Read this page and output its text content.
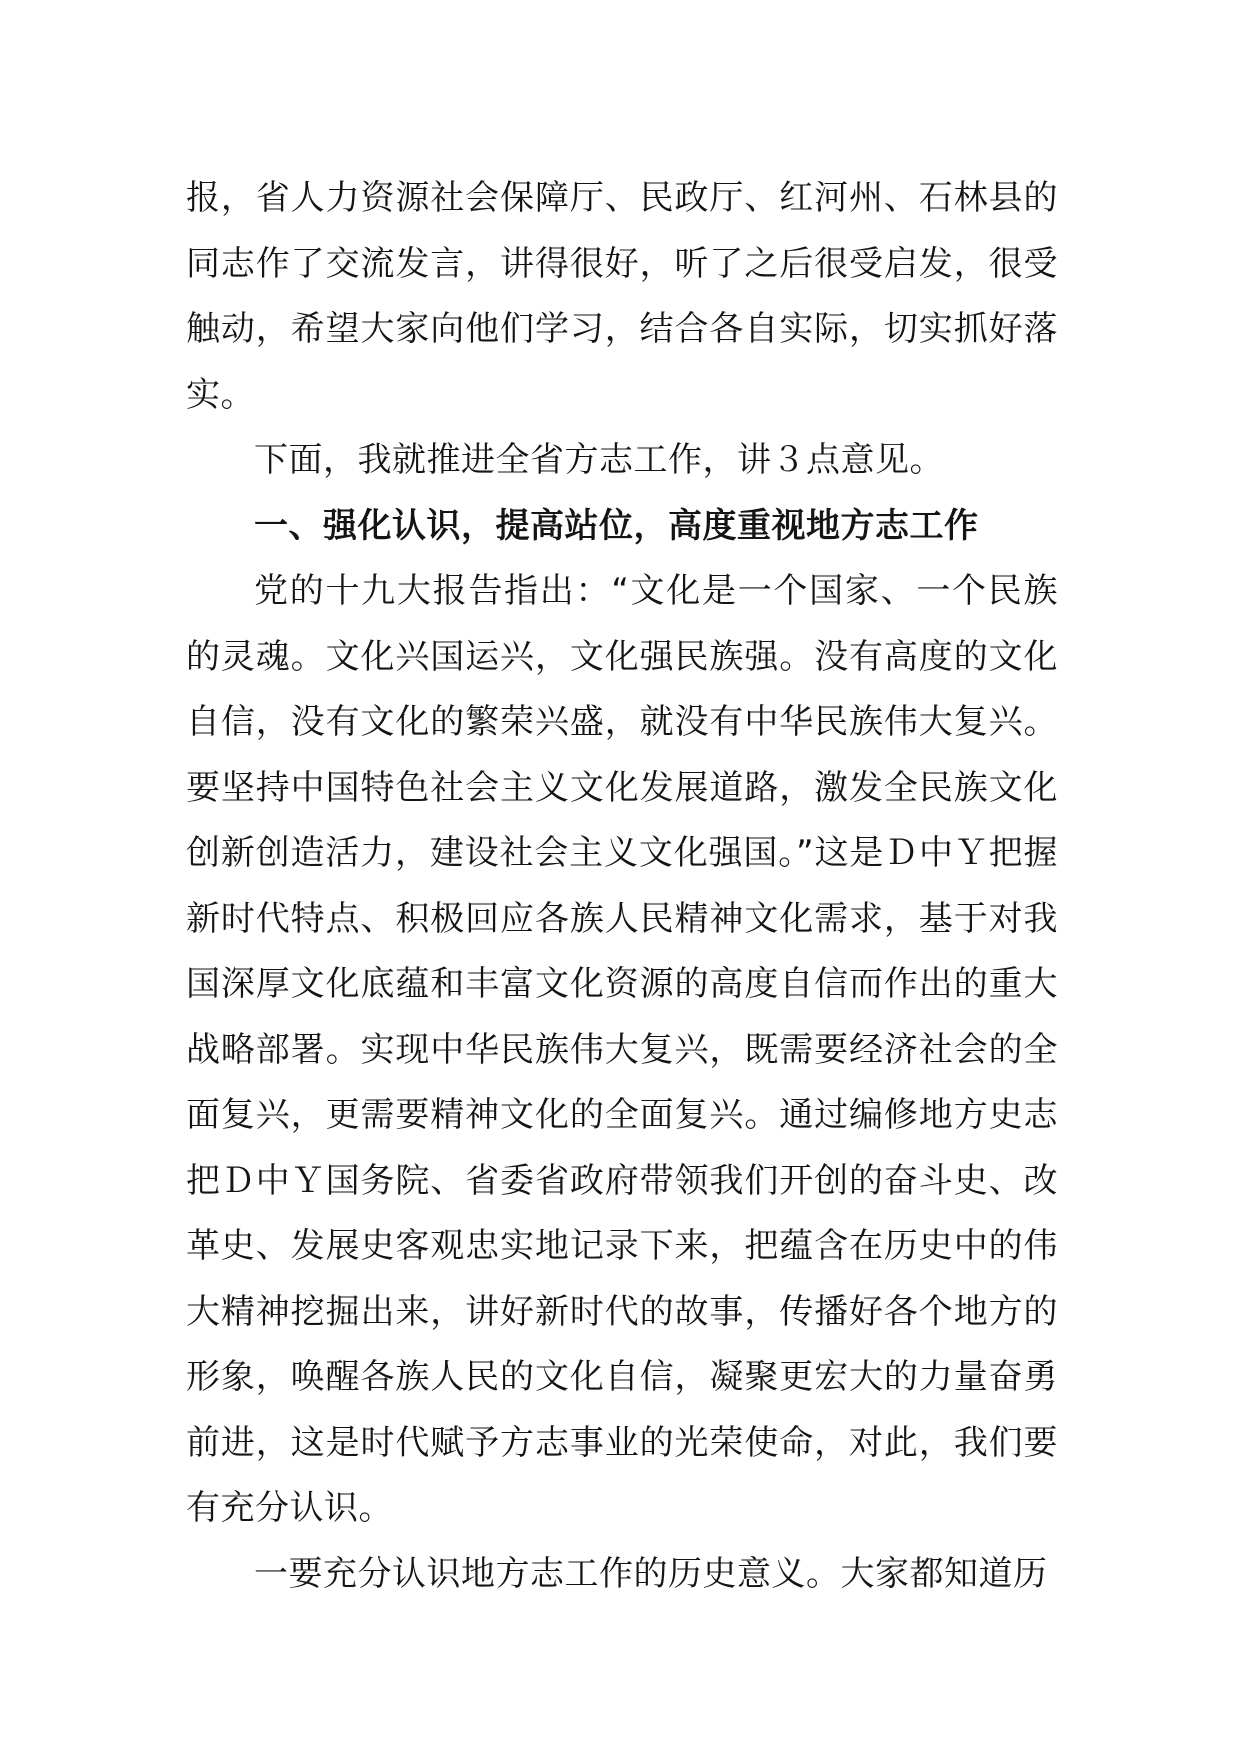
报，省人力资源社会保障厅、民政厅、红河州、石林县的同志作了交流发言，讲得很好，听了之后很受启发，很受触动，希望大家向他们学习，结合各自实际，切实抓好落实。

下面，我就推进全省方志工作，讲３点意见。

一、强化认识，提高站位，高度重视地方志工作

党的十九大报告指出：“文化是一个国家、一个民族的灵魂。文化兴国运兴，文化强民族强。没有高度的文化自信，没有文化的繁荣兴盛，就没有中华民族伟大复兴。要坚持中国特色社会主义文化发展道路，激发全民族文化创新创造活力，建设社会主义文化强国。”这是Ｄ中Ｙ把握新时代特点、积极回应各族人民精神文化需求，基于对我国深厚文化底蕴和丰富文化资源的高度自信而作出的重大战略部署。实现中华民族伟大复兴，既需要经济社会的全面复兴，更需要精神文化的全面复兴。通过编修地方史志把Ｄ中Ｙ国务院、省委省政府带领我们开创的奋斗史、改革史、发展史客观忠实地记录下来，把蕴含在历史中的伟大精神挖掘出来，讲好新时代的故事，传播好各个地方的形象，唤醒各族人民的文化自信，凝聚更宏大的力量奋勇前进，这是时代赋予方志事业的光荣使命，对此，我们要有充分认识。

一要充分认识地方志工作的历史意义。大家都知道历
